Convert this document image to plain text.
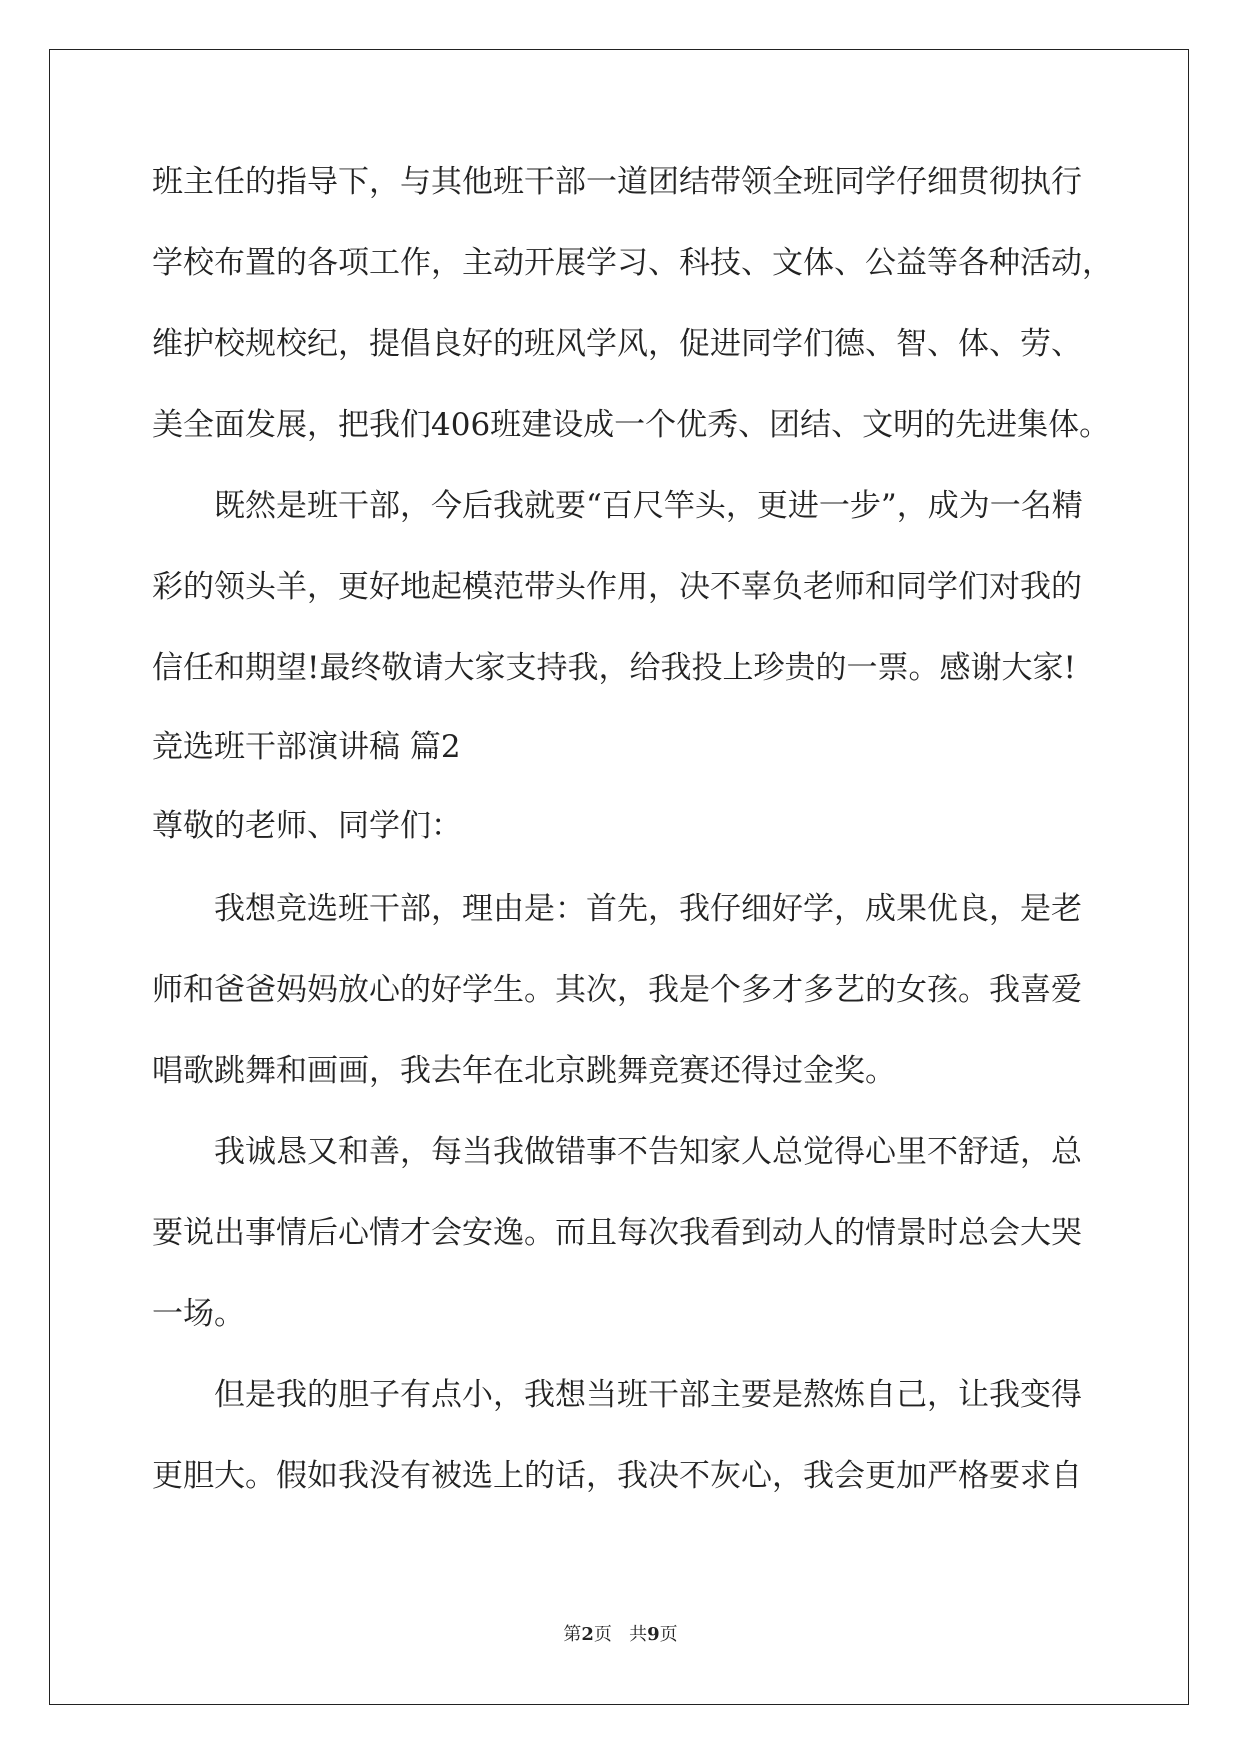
班主任的指导下，与其他班干部一道团结带领全班同学仔细贯彻执行
学校布置的各项工作，主动开展学习、科技、文体、公益等各种活动，
维护校规校纪，提倡良好的班风学风，促进同学们德、智、体、劳、
美全面发展，把我们406班建设成一个优秀、团结、文明的先进集体。
既然是班干部，今后我就要“百尺竿头，更进一步”，成为一名精
彩的领头羊，更好地起模范带头作用，决不辜负老师和同学们对我的
信任和期望!最终敬请大家支持我，给我投上珍贵的一票。感谢大家!
竞选班干部演讲稿 篇2
尊敬的老师、同学们：
我想竞选班干部，理由是：首先，我仔细好学，成果优良，是老
师和爸爸妈妈放心的好学生。其次，我是个多才多艺的女孩。我喜爱
唱歌跳舞和画画，我去年在北京跳舞竞赛还得过金奖。
我诚恳又和善，每当我做错事不告知家人总觉得心里不舒适，总
要说出事情后心情才会安逸。而且每次我看到动人的情景时总会大哭
一场。
但是我的胆子有点小，我想当班干部主要是熬炼自己，让我变得
更胆大。假如我没有被选上的话，我决不灰心，我会更加严格要求自
第2页   共9页
